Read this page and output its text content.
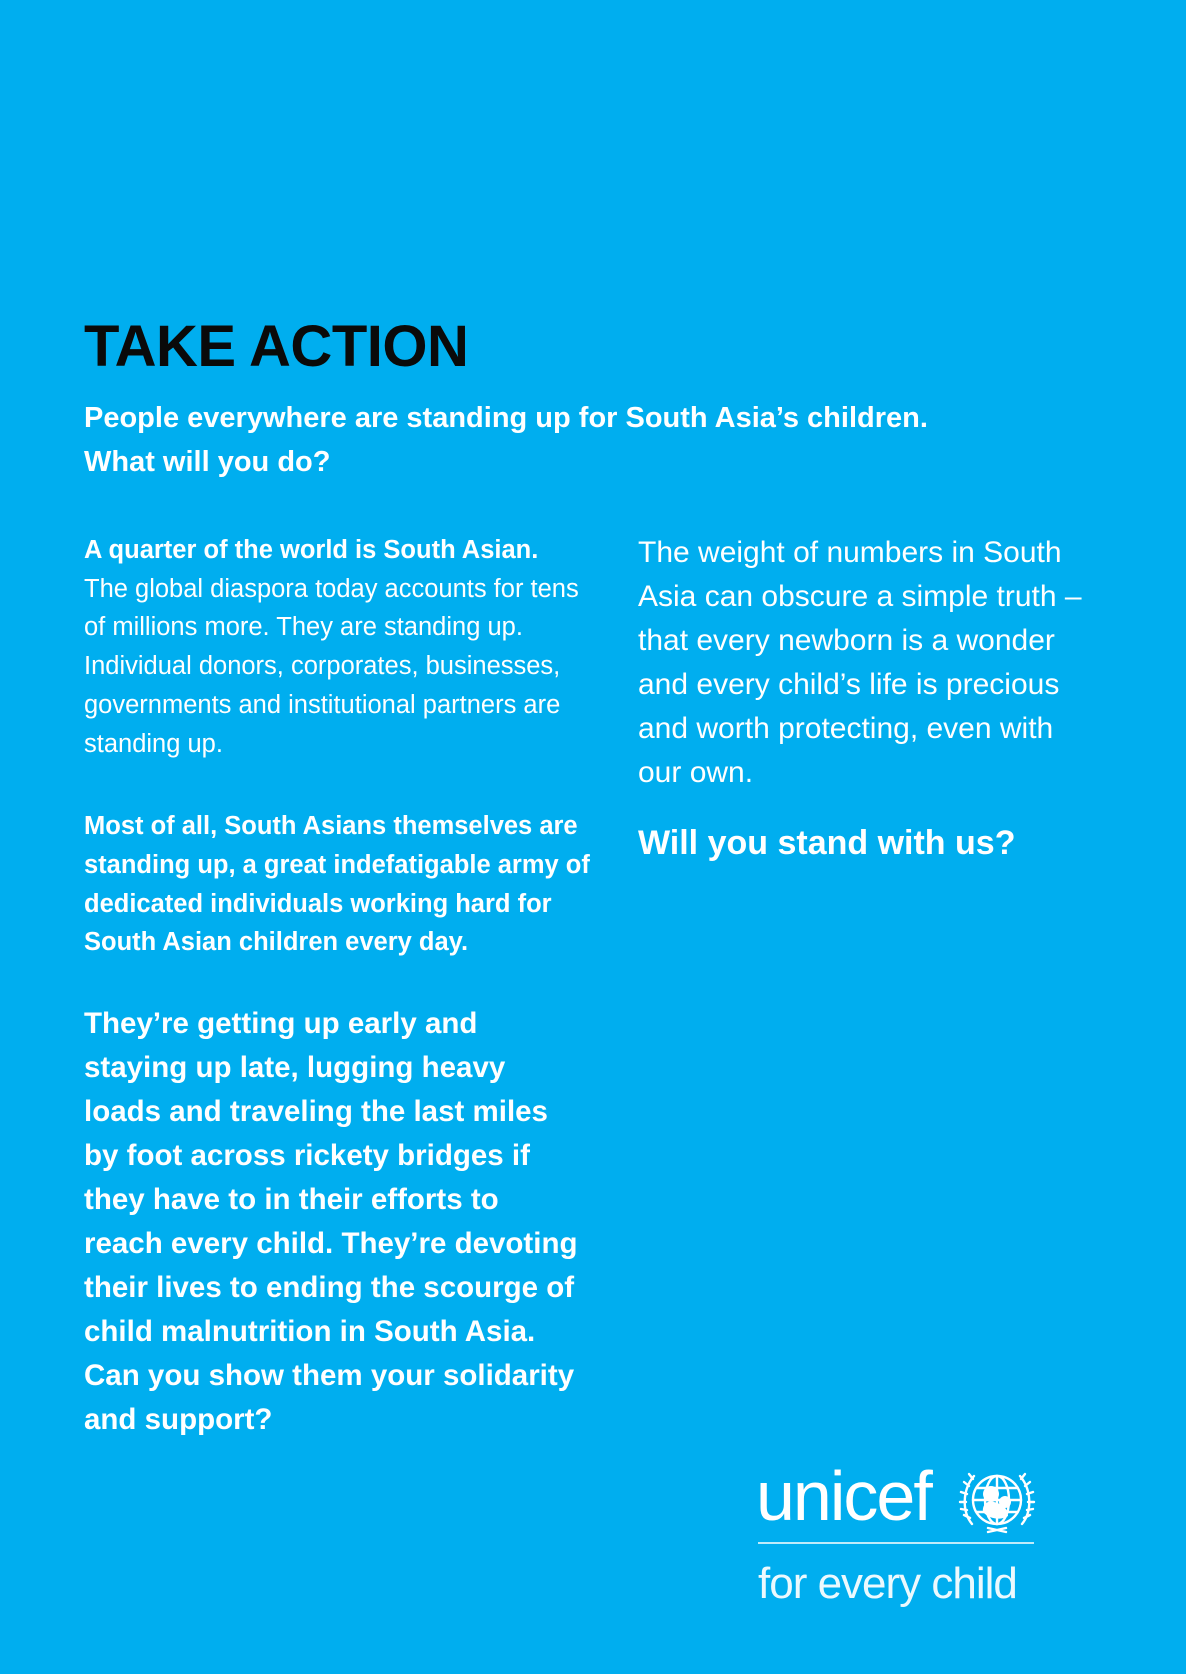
TAKE ACTION
People everywhere are standing up for South Asia’s children.
What will you do?

A quarter of the world is South Asian. The global diaspora today accounts for tens of millions more. They are standing up. Individual donors, corporates, businesses, governments and institutional partners are standing up.

Most of all, South Asians themselves are standing up, a great indefatigable army of dedicated individuals working hard for South Asian children every day.

They’re getting up early and staying up late, lugging heavy loads and traveling the last miles by foot across rickety bridges if they have to in their efforts to reach every child. They’re devoting their lives to ending the scourge of child malnutrition in South Asia. Can you show them your solidarity and support?

The weight of numbers in South Asia can obscure a simple truth – that every newborn is a wonder and every child’s life is precious and worth protecting, even with our own.

Will you stand with us?

unicef
for every child
